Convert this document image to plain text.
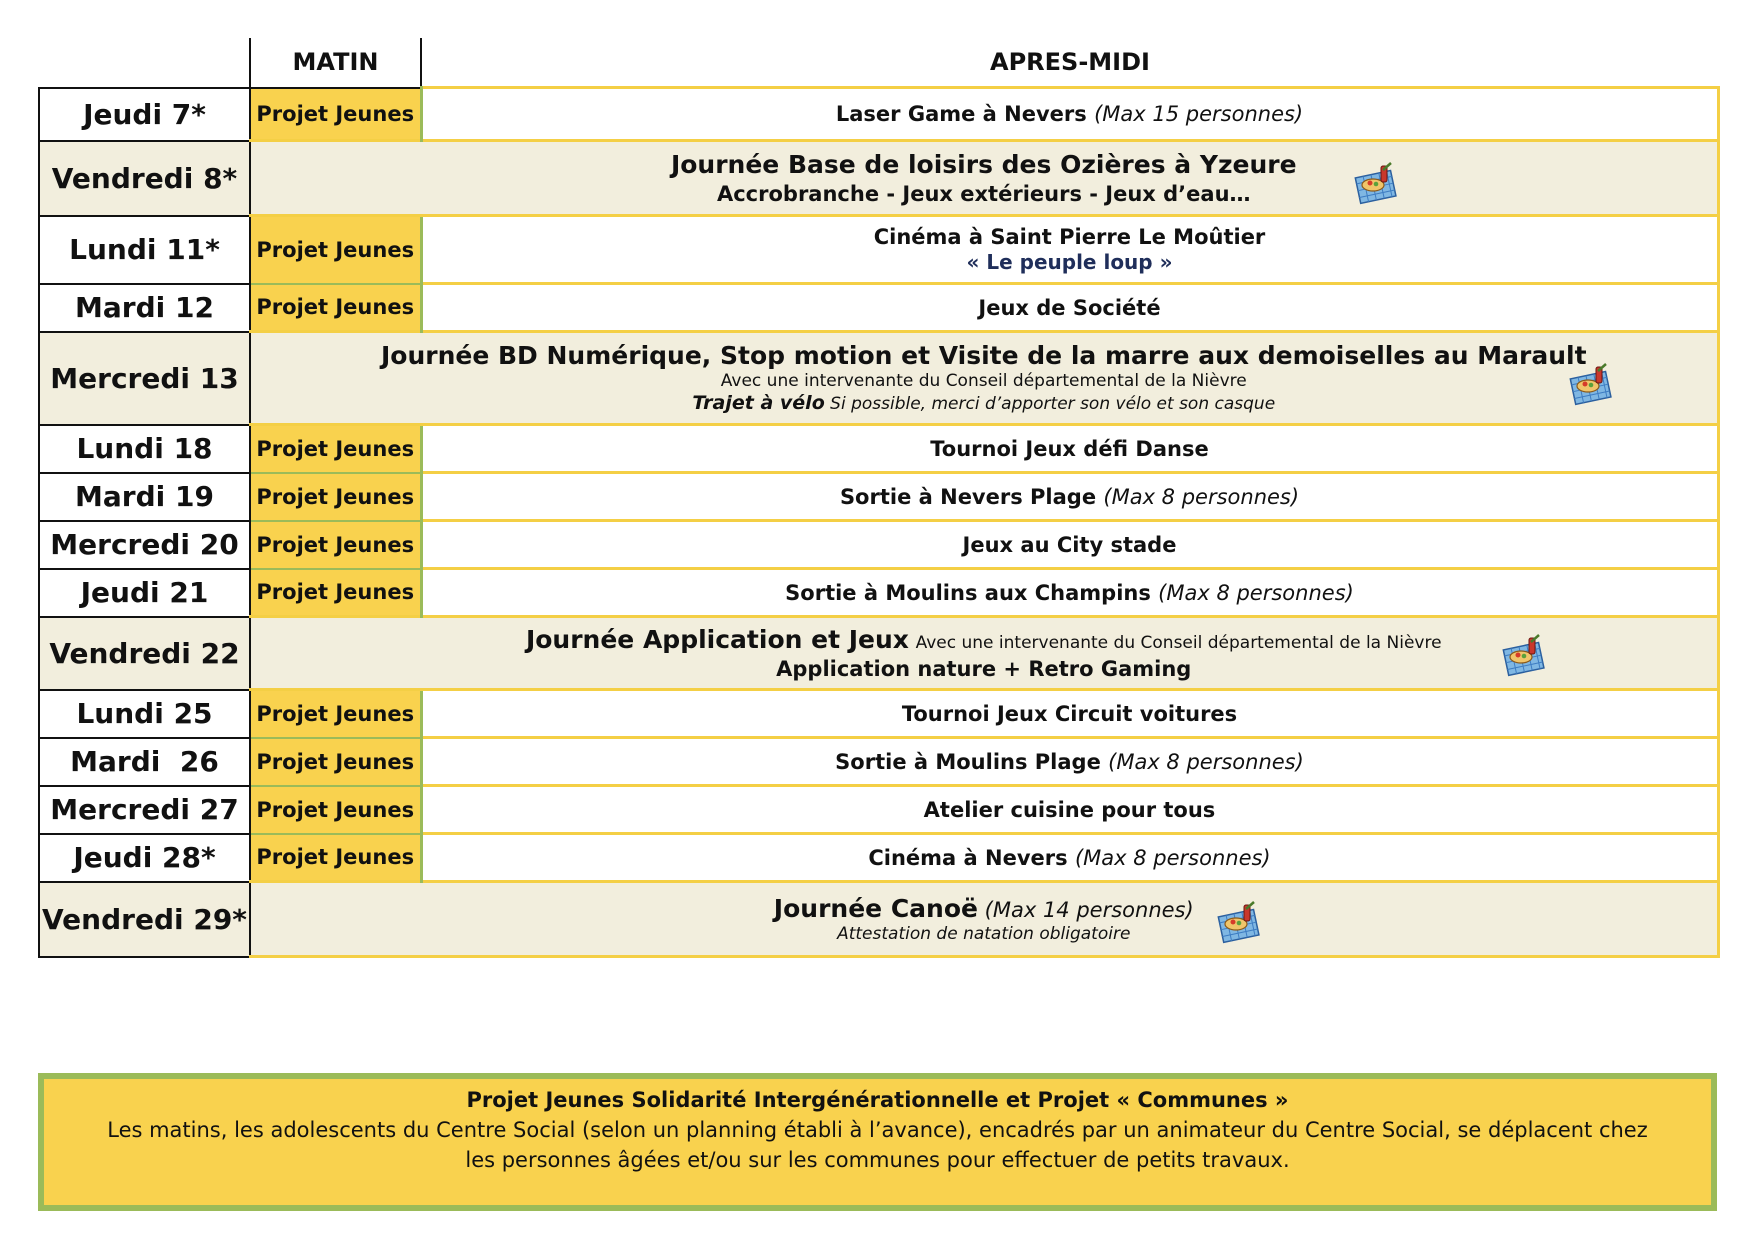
	MATIN	APRES-MIDI
Jeudi 7*	Projet Jeunes	Laser Game à Nevers (Max 15 personnes)
Vendredi 8*	Journée Base de loisirs des Ozières à Yzeure
Accrobranche - Jeux extérieurs - Jeux d’eau…	

Lundi 11*	Projet Jeunes	Cinéma à Saint Pierre Le Moûtier
« Le peuple loup »

Mardi 12	Projet Jeunes	Jeux de Société
Mercredi 13	Journée BD Numérique, Stop motion et Visite de la marre aux demoiselles au Marault
Avec une intervenante du Conseil départemental de la Nièvre
Trajet à vélo Si possible, merci d’apporter son vélo et son casque	

Lundi 18	Projet Jeunes	Tournoi Jeux défi Danse
Mardi 19	Projet Jeunes	Sortie à Nevers Plage (Max 8 personnes)
Mercredi 20	Projet Jeunes	Jeux au City stade
Jeudi 21	Projet Jeunes	Sortie à Moulins aux Champins (Max 8 personnes)
Vendredi 22	Journée Application et Jeux Avec une intervenante du Conseil départemental de la Nièvre
Application nature + Retro Gaming	

Lundi 25	Projet Jeunes	Tournoi Jeux Circuit voitures
Mardi  26	Projet Jeunes	Sortie à Moulins Plage (Max 8 personnes)
Mercredi 27	Projet Jeunes	Atelier cuisine pour tous
Jeudi 28*	Projet Jeunes	Cinéma à Nevers (Max 8 personnes)
Vendredi 29*	Journée Canoë (Max 14 personnes)
Attestation de natation obligatoire	
Projet Jeunes Solidarité Intergénérationnelle et Projet « Communes »
Les matins, les adolescents du Centre Social (selon un planning établi à l’avance), encadrés par un animateur du Centre Social, se déplacent chez les personnes âgées et/ou sur les communes pour effectuer de petits travaux.
